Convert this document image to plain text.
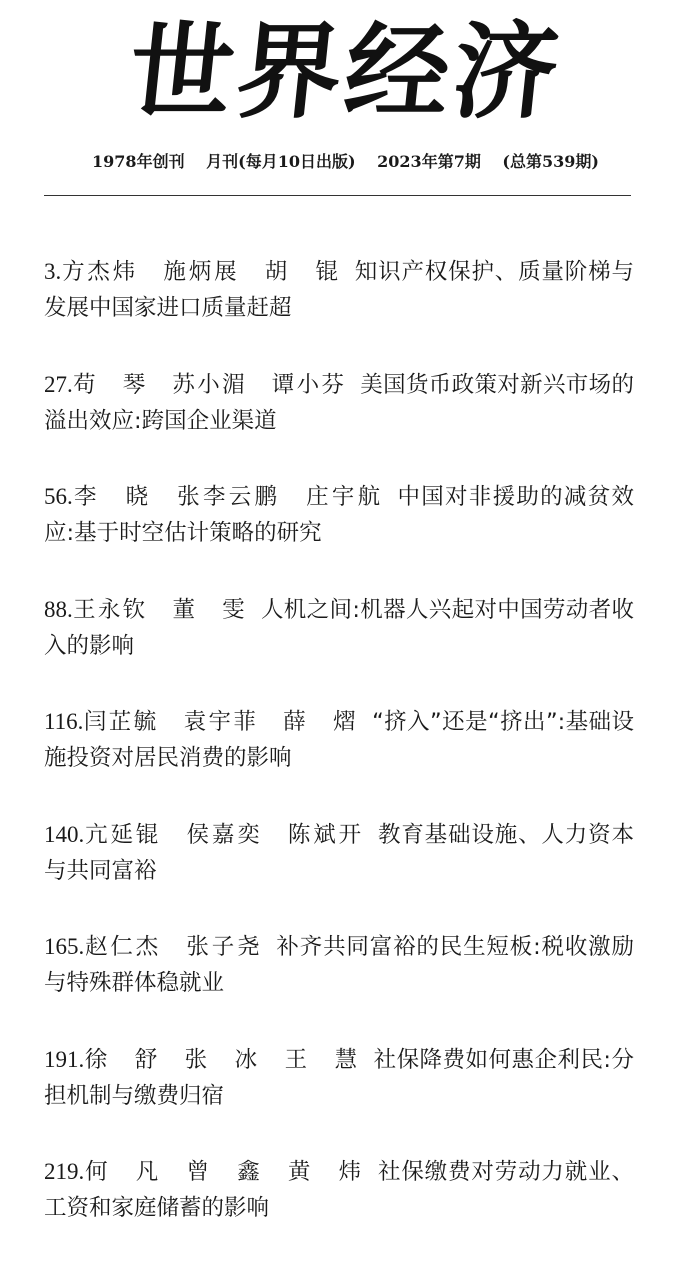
世界经济
1978年创刊 月刊(每月10日出版) 2023年第7期 (总第539期)
3.方杰炜　施炳展　胡　锟 知识产权保护、质量阶梯与发展中国家进口质量赶超
27.苟　琴　苏小湄　谭小芬 美国货币政策对新兴市场的溢出效应:跨国企业渠道
56.李　晓　张李云鹏　庄宇航 中国对非援助的减贫效应:基于时空估计策略的研究
88.王永钦　董　雯 人机之间:机器人兴起对中国劳动者收入的影响
116.闫芷毓　袁宇菲　薛　熠 “挤入”还是“挤出”:基础设施投资对居民消费的影响
140.亢延锟　侯嘉奕　陈斌开 教育基础设施、人力资本与共同富裕
165.赵仁杰　张子尧 补齐共同富裕的民生短板:税收激励与特殊群体稳就业
191.徐　舒　张　冰　王　慧 社保降费如何惠企利民:分担机制与缴费归宿
219.何　凡　曾　鑫　黄　炜 社保缴费对劳动力就业、工资和家庭储蓄的影响
